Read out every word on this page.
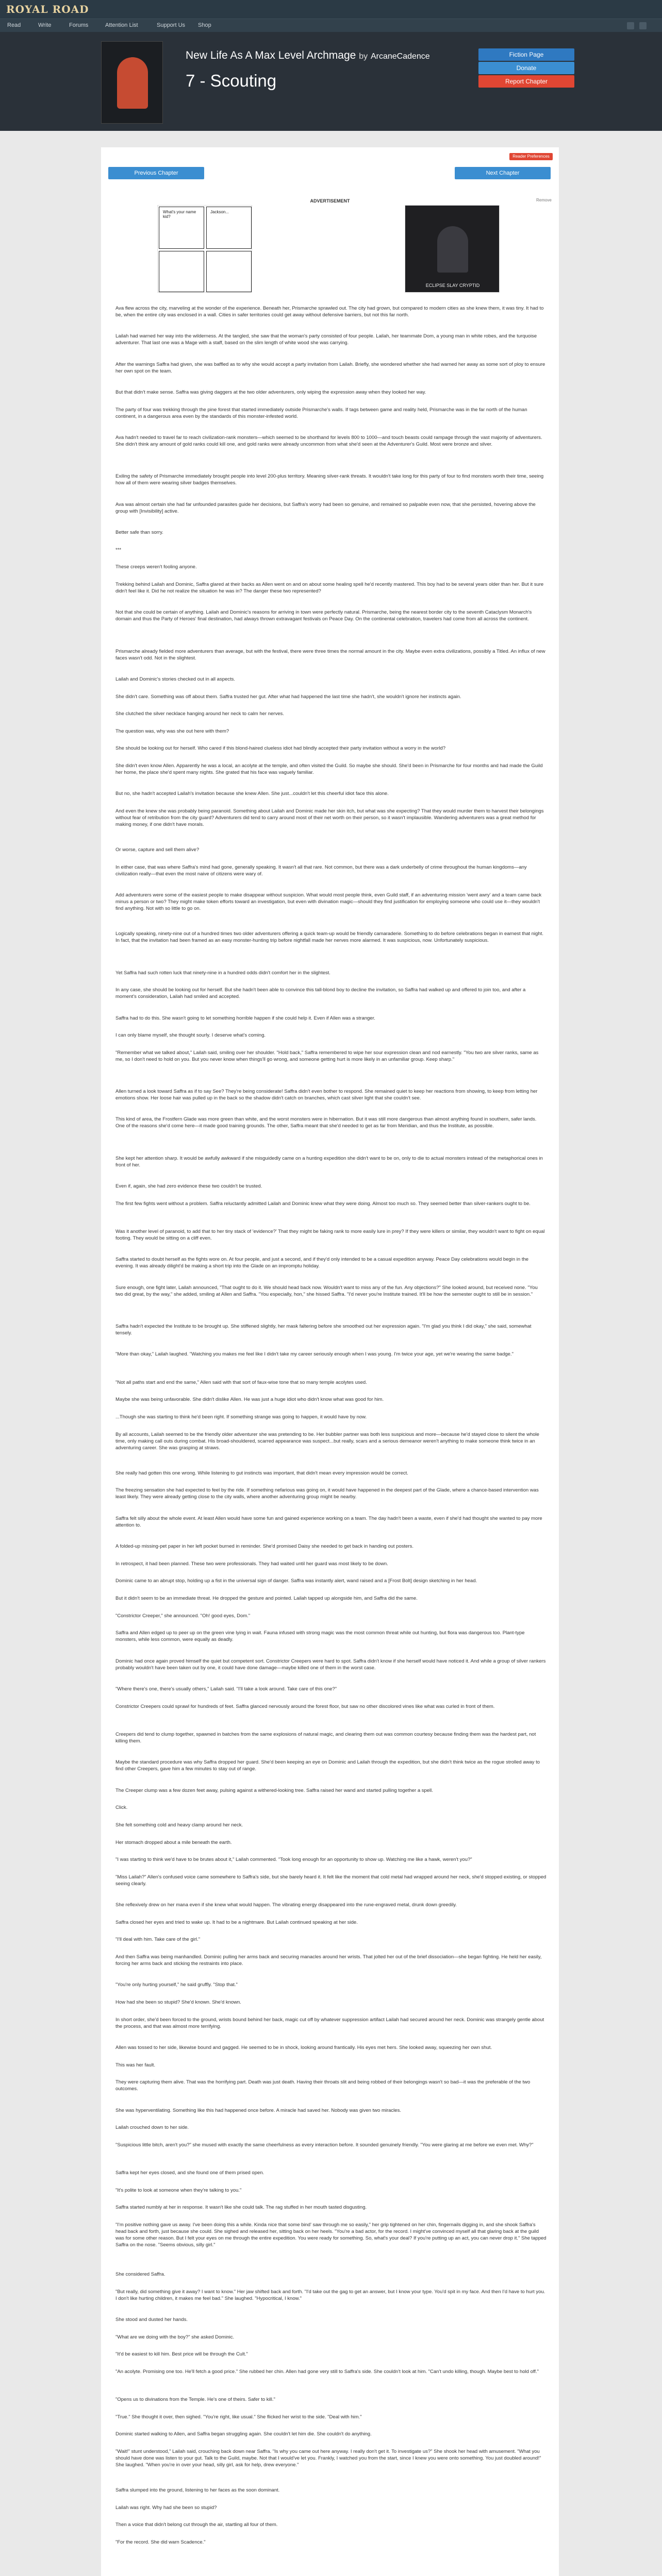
ROYAL ROAD
Read	Write	Forums	Attention List	Support Us Shop
New Life As A Max Level Archmage by ArcaneCadence
7 - Scouting
Fiction Page
Donate
Report Chapter
Reader Preferences
Previous Chapter	Next Chapter
ADVERTISEMENT	Remove
What's your name kid?
Jackson...
ECLIPSE SLAY CRYPTID
Ava flew across the city, marveling at the wonder of the experience. Beneath her, Prismarche sprawled out. The city had grown, but compared to modern cities as she knew them, it was tiny. It had to be, when the entire city was enclosed in a wall. Cities in safer territories could get away without defensive barriers, but not this far north.
Lailah had warned her way into the wilderness. At the tangled, she saw that the woman's party consisted of four people. Lailah, her teammate Dom, a young man in white robes, and the turquoise adventurer. That last one was a Mage with a staff, based on the slim length of white wood she was carrying.
After the warnings Saffra had given, she was baffled as to why she would accept a party invitation from Lailah. Briefly, she wondered whether she had warned her away as some sort of ploy to ensure her own spot on the team.
But that didn't make sense. Saffra was giving daggers at the two older adventurers, only wiping the expression away when they looked her way.
The party of four was trekking through the pine forest that started immediately outside Prismarche's walls. If tags between game and reality held, Prismarche was in the far north of the human continent, in a dangerous area even by the standards of this monster-infested world.
Ava hadn't needed to travel far to reach civilization-rank monsters—which seemed to be shorthand for levels 800 to 1000—and touch beasts could rampage through the vast majority of adventurers. She didn't think any amount of gold ranks could kill one, and gold ranks were already uncommon from what she'd seen at the Adventurer's Guild. Most were bronze and silver.
Exiling the safety of Prismarche immediately brought people into level 200-plus territory. Meaning silver-rank threats. It wouldn't take long for this party of four to find monsters worth their time, seeing how all of them were wearing silver badges themselves.
Ava was almost certain she had far unfounded parasites guide her decisions, but Saffra's worry had been so genuine, and remained so palpable even now, that she persisted, hovering above the group with [Invisibility] active.
Better safe than sorry.
***
These creeps weren't fooling anyone.
Trekking behind Lailah and Dominic, Saffra glared at their backs as Allen went on and on about some healing spell he'd recently mastered. This boy had to be several years older than her. But it sure didn't feel like it. Did he not realize the situation he was in? The danger these two represented?
Not that she could be certain of anything. Lailah and Dominic's reasons for arriving in town were perfectly natural. Prismarche, being the nearest border city to the seventh Cataclysm Monarch's domain and thus the Party of Heroes' final destination, had always thrown extravagant festivals on Peace Day. On the continental celebration, travelers had come from all across the continent.
Prismarche already fielded more adventurers than average, but with the festival, there were three times the normal amount in the city. Maybe even extra civilizations, possibly a Titled. An influx of new faces wasn't odd. Not in the slightest.
Lailah and Dominic's stories checked out in all aspects.
She didn't care. Something was off about them. Saffra trusted her gut. After what had happened the last time she hadn't, she wouldn't ignore her instincts again.
She clutched the silver necklace hanging around her neck to calm her nerves.
The question was, why was she out here with them?
She should be looking out for herself. Who cared if this blond-haired clueless idiot had blindly accepted their party invitation without a worry in the world?
She didn't even know Allen. Apparently he was a local, an acolyte at the temple, and often visited the Guild. So maybe she should. She'd been in Prismarche for four months and had made the Guild her home, the place she'd spent many nights. She grated that his face was vaguely familiar.
But no, she hadn't accepted Lailah's invitation because she knew Allen. She just...couldn't let this cheerful idiot face this alone.
And even the knew she was probably being paranoid. Something about Lailah and Dominic made her skin itch, but what was she expecting? That they would murder them to harvest their belongings without fear of retribution from the city guard? Adventurers did tend to carry around most of their net worth on their person, so it wasn't implausible. Wandering adventurers was a great method for making money, if one didn't have morals.
Or worse, capture and sell them alive?
In either case, that was where Saffra's mind had gone, generally speaking. It wasn't all that rare. Not common, but there was a dark underbelly of crime throughout the human kingdoms—any civilization really—that even the most naive of citizens were wary of.
Add adventurers were some of the easiest people to make disappear without suspicion. What would most people think, even Guild staff, if an adventuring mission 'went awry' and a team came back minus a person or two? They might make token efforts toward an investigation, but even with divination magic—should they find justification for employing someone who could use it—they wouldn't find anything. Not with so little to go on.
Logically speaking, ninety-nine out of a hundred times two older adventurers offering a quick team-up would be friendly camaraderie. Something to do before celebrations began in earnest that night. In fact, that the invitation had been framed as an easy monster-hunting trip before nightfall made her nerves more alarmed. It was suspicious, now. Unfortunately suspicious.
Yet Saffra had such rotten luck that ninety-nine in a hundred odds didn't comfort her in the slightest.
In any case, she should be looking out for herself. But she hadn't been able to convince this tall-blond boy to decline the invitation, so Saffra had walked up and offered to join too, and after a moment's consideration, Lailah had smiled and accepted.
Saffra had to do this. She wasn't going to let something horrible happen if she could help it. Even if Allen was a stranger.
I can only blame myself, she thought sourly. I deserve what's coming.
"Remember what we talked about," Lailah said, smiling over her shoulder. "Hold back," Saffra remembered to wipe her sour expression clean and nod earnestly. "You two are silver ranks, same as me, so I don't need to hold on you. But you never know when things'll go wrong, and someone getting hurt is more likely in an unfamiliar group. Keep sharp."
Allen turned a look toward Saffra as if to say See? They're being considerate! Saffra didn't even bother to respond. She remained quiet to keep her reactions from showing, to keep from letting her emotions show. Her loose hair was pulled up in the back so the shadow didn't catch on branches, which cast silver light that she couldn't see.
This kind of area, the Frostfern Glade was more green than white, and the worst monsters were in hibernation. But it was still more dangerous than almost anything found in southern, safer lands. One of the reasons she'd come here—it made good training grounds. The other, Saffra meant that she'd needed to get as far from Meridian, and thus the Institute, as possible.
She kept her attention sharp. It would be awfully awkward if she misguidedly came on a hunting expedition she didn't want to be on, only to die to actual monsters instead of the metaphorical ones in front of her.
Even if, again, she had zero evidence these two couldn't be trusted.
The first few fights went without a problem. Saffra reluctantly admitted Lailah and Dominic knew what they were doing. Almost too much so. They seemed better than silver-rankers ought to be.
Was it another level of paranoid, to add that to her tiny stack of 'evidence?' That they might be faking rank to more easily lure in prey? If they were killers or similar, they wouldn't want to fight on equal footing. They would be sitting on a cliff even.
Saffra started to doubt herself as the fights wore on. At four people, and just a second, and if they'd only intended to be a casual expedition anyway. Peace Day celebrations would begin in the evening. It was already dilight'd be making a short trip into the Glade on an impromptu holiday.
Sure enough, one fight later, Lailah announced, "That ought to do it. We should head back now. Wouldn't want to miss any of the fun. Any objections?" She looked around, but received none. "You two did great, by the way," she added, smiling at Allen and Saffra. "You especially, hon," she hissed Saffra. "I'd never you're Institute trained. It'll be how the semester ought to still be in session."
Saffra hadn't expected the Institute to be brought up. She stiffened slightly, her mask faltering before she smoothed out her expression again. "I'm glad you think I did okay," she said, somewhat tensely.
"More than okay," Lailah laughed. "Watching you makes me feel like I didn't take my career seriously enough when I was young. I'm twice your age, yet we're wearing the same badge."
"Not all paths start and end the same," Allen said with that sort of faux-wise tone that so many temple acolytes used.
Maybe she was being unfavorable. She didn't dislike Allen. He was just a huge idiot who didn't know what was good for him.
...Though she was starting to think he'd been right. If something strange was going to happen, it would have by now.
By all accounts, Lailah seemed to be the friendly older adventurer she was pretending to be. Her bubbler partner was both less suspicious and more—because he'd stayed close to silent the whole time, only making call outs during combat. His broad-shouldered, scarred appearance was suspect...but really, scars and a serious demeanor weren't anything to make someone think twice in an adventuring career. She was grasping at straws.
She really had gotten this one wrong. While listening to gut instincts was important, that didn't mean every impression would be correct.
The freezing sensation she had expected to feel by the ride. If something nefarious was going on, it would have happened in the deepest part of the Glade, where a chance-based intervention was least likely. They were already getting close to the city walls, where another adventuring group might be nearby.
Saffra felt silly about the whole event. At least Allen would have some fun and gained experience working on a team. The day hadn't been a waste, even if she'd had thought she wanted to pay more attention to.
A folded-up missing-pet paper in her left pocket burned in reminder. She'd promised Daisy she needed to get back in handing out posters.
In retrospect, it had been planned. These two were professionals. They had waited until her guard was most likely to be down.
Dominic came to an abrupt stop, holding up a fist in the universal sign of danger. Saffra was instantly alert, wand raised and a [Frost Bolt] design sketching in her head.
But it didn't seem to be an immediate threat. He dropped the gesture and pointed. Lailah tapped up alongside him, and Saffra did the same.
"Constrictor Creeper," she announced. "Oh! good eyes, Dom."
Saffra and Allen edged up to peer up on the green vine lying in wait. Fauna infused with strong magic was the most common threat while out hunting, but flora was dangerous too. Plant-type monsters, while less common, were equally as deadly.
Dominic had once again proved himself the quiet but competent sort. Constrictor Creepers were hard to spot. Saffra didn't know if she herself would have noticed it. And while a group of silver rankers probably wouldn't have been taken out by one, it could have done damage—maybe killed one of them in the worst case.
"Where there's one, there's usually others," Lailah said. "I'll take a look around. Take care of this one?"
Constrictor Creepers could sprawl for hundreds of feet. Saffra glanced nervously around the forest floor, but saw no other discolored vines like what was curled in front of them.
Creepers did tend to clump together, spawned in batches from the same explosions of natural magic, and clearing them out was common courtesy because finding them was the hardest part, not killing them.
Maybe the standard procedure was why Saffra dropped her guard. She'd been keeping an eye on Dominic and Lailah through the expedition, but she didn't think twice as the rogue strolled away to find other Creepers, gave him a few minutes to stay out of range.
The Creeper clump was a few dozen feet away, pulsing against a withered-looking tree. Saffra raised her wand and started pulling together a spell.
Click.
She felt something cold and heavy clamp around her neck.
Her stomach dropped about a mile beneath the earth.
"I was starting to think we'd have to be brutes about it," Lailah commented. "Took long enough for an opportunity to show up. Watching me like a hawk, weren't you?"
"Miss Lailah?" Allen's confused voice came somewhere to Saffra's side, but she barely heard it. It felt like the moment that cold metal had wrapped around her neck, she'd stopped existing, or stopped seeing clearly.
She reflexively drew on her mana even if she knew what would happen. The vibrating energy disappeared into the rune-engraved metal, drunk down greedily.
Saffra closed her eyes and tried to wake up. It had to be a nightmare. But Lailah continued speaking at her side.
"I'll deal with him. Take care of the girl."
And then Saffra was being manhandled. Dominic pulling her arms back and securing manacles around her wrists. That jolted her out of the brief dissociation—she began fighting. He held her easily, forcing her arms back and sticking the restraints into place.
"You're only hurting yourself," he said gruffly. "Stop that."
How had she been so stupid? She'd known. She'd known.
In short order, she'd been forced to the ground, wrists bound behind her back, magic cut off by whatever suppression artifact Lailah had secured around her neck. Dominic was strangely gentle about the process, and that was almost more terrifying.
Allen was tossed to her side, likewise bound and gagged. He seemed to be in shock, looking around frantically. His eyes met hers. She looked away, squeezing her own shut.
This was her fault.
They were capturing them alive. That was the horrifying part. Death was just death. Having their throats slit and being robbed of their belongings wasn't so bad—it was the preferable of the two outcomes.
She was hyperventilating. Something like this had happened once before. A miracle had saved her. Nobody was given two miracles.
Lailah crouched down to her side.
"Suspicious little bitch, aren't you?" she mused with exactly the same cheerfulness as every interaction before. It sounded genuinely friendly. "You were glaring at me before we even met. Why?"
Saffra kept her eyes closed, and she found one of them prised open.
"It's polite to look at someone when they're talking to you."
Saffra started numbly at her in response. It wasn't like she could talk. The rag stuffed in her mouth tasted disgusting.
"I'm positive nothing gave us away. I've been doing this a while. Kinda nice that some bind' saw through me so easily," her grip tightened on her chin, fingernails digging in, and she shook Saffra's head back and forth, just because she could. She sighed and released her, sitting back on her heels. "You're a bad actor, for the record. I might've convinced myself all that glaring back at the guild was for some other reason. But I felt your eyes on me through the entire expedition. You were ready for something. So, what's your deal? If you're putting up an act, you can never drop it." She tapped Saffra on the nose. "Seems obvious, silly girl."
She considered Saffra.
"But really, did something give it away? I want to know." Her jaw shifted back and forth. "I'd take out the gag to get an answer, but I know your type. You'd spit in my face. And then I'd have to hurt you. I don't like hurting children, it makes me feel bad." She laughed. "Hypocritical, I know."
She stood and dusted her hands.
"What are we doing with the boy?" she asked Dominic.
"It'd be easiest to kill him. Best price will be through the Cult."
"An acolyte. Promising one too. He'll fetch a good price." She rubbed her chin. Allen had gone very still to Saffra's side. She couldn't look at him. "Can't undo killing, though. Maybe best to hold off."
"Opens us to divinations from the Temple. He's one of theirs. Safer to kill."
"True." She thought it over, then sighed. "You're right, like usual." She flicked her wrist to the side. "Deal with him."
Dominic started walking to Allen, and Saffra began struggling again. She couldn't let him die. She couldn't do anything.
"Wait!" stunt understood," Lailah said, crouching back down near Saffra. "Is why you came out here anyway. I really don't get it. To investigate us?" She shook her head with amusement. "What you should have done was listen to your gut. Talk to the Guild, maybe. Not that I would've let you. Frankly, I watched you from the start, since I knew you were onto something. You just doubled around!" She laughed. "When you're in over your head, silly girl, ask for help, drew everyone."
Saffra slumped into the ground, listening to her faces as the soon dominant.
Lailah was right. Why had she been so stupid?
Then a voice that didn't belong cut through the air, startling all four of them.
"For the record. She did warn Scadence."
